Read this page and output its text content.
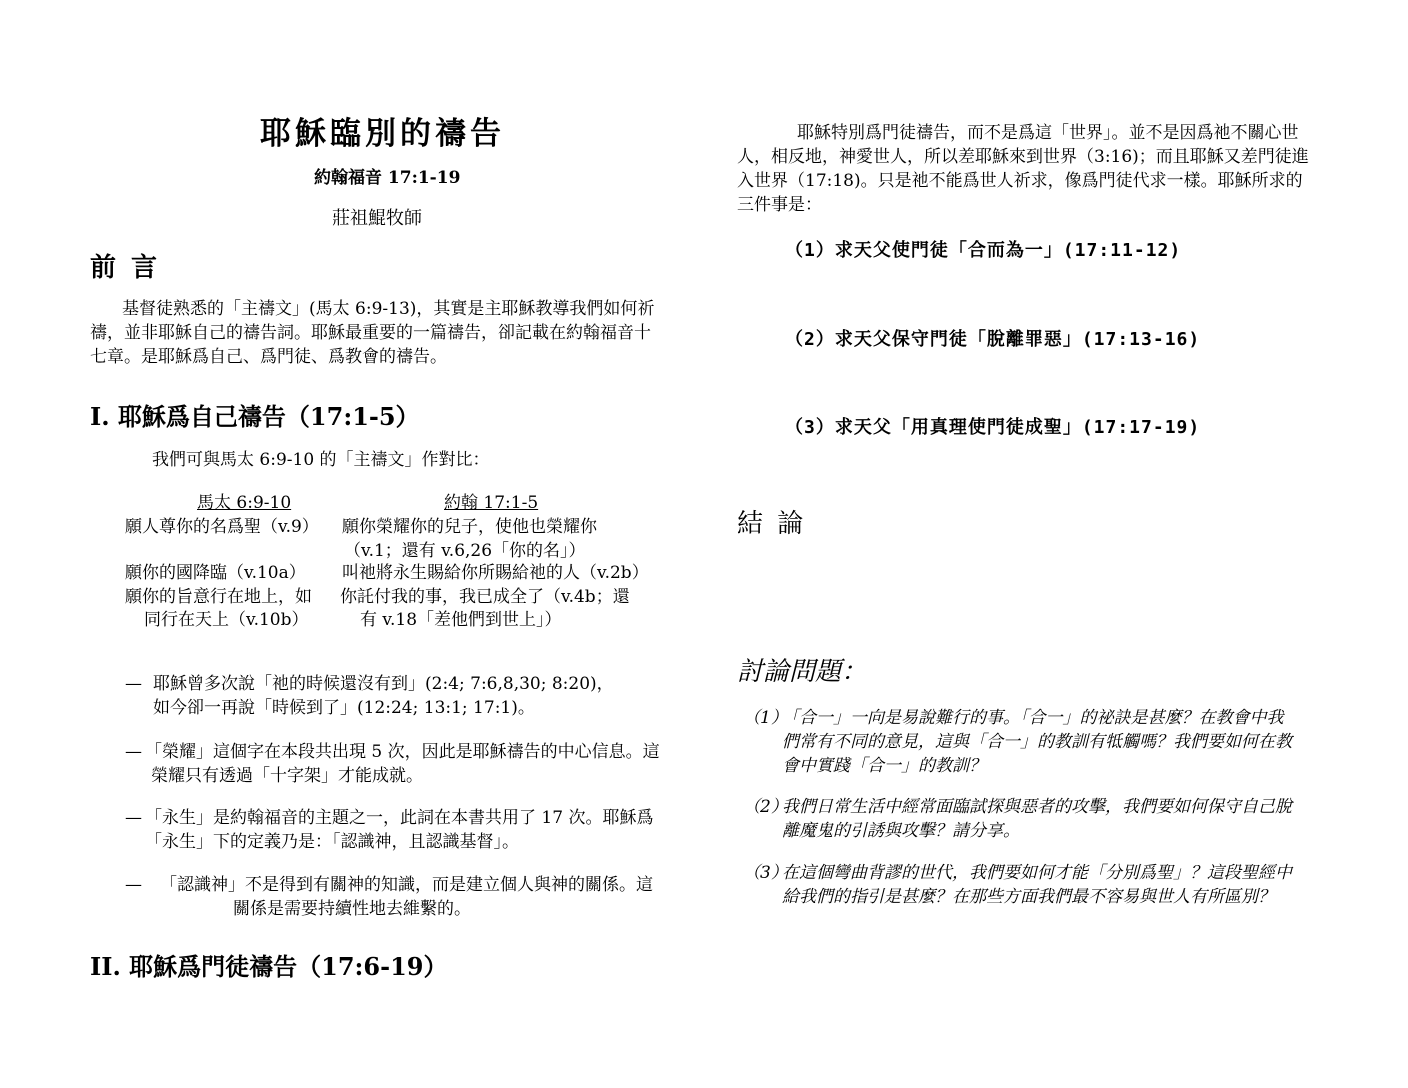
耶穌臨別的禱告
約翰福音 17:1-19
莊祖鯤牧師
前 言
基督徒熟悉的「主禱文」(馬太 6:9-13)，其實是主耶穌教導我們如何祈
禱，並非耶穌自己的禱告詞。耶穌最重要的一篇禱告，卻記載在約翰福音十
七章。是耶穌爲自己、爲門徒、爲教會的禱告。
I. 耶穌爲自己禱告（17:1-5）
我們可與馬太 6:9-10 的「主禱文」作對比：
馬太 6:9-10	約翰 17:1-5
願人尊你的名爲聖（v.9） 願你榮耀你的兒子，使他也榮耀你
（v.1；還有 v.6,26「你的名」）
願你的國降臨（v.10a） 叫祂將永生賜給你所賜給祂的人（v.2b）
願你的旨意行在地上，如 你託付我的事，我已成全了（v.4b；還
同行在天上（v.10b）	有 v.18「差他們到世上」）
— 耶穌曾多次說「祂的時候還沒有到」(2:4; 7:6,8,30; 8:20)，
如今卻一再說「時候到了」(12:24; 13:1; 17:1)。
— 「榮耀」這個字在本段共出現 5 次，因此是耶穌禱告的中心信息。這
榮耀只有透過「十字架」才能成就。
— 「永生」是約翰福音的主題之一，此詞在本書共用了 17 次。耶穌爲
「永生」下的定義乃是：「認識神，且認識基督」。
— 「認識神」不是得到有關神的知識，而是建立個人與神的關係。這
關係是需要持續性地去維繫的。
II. 耶穌爲門徒禱告（17:6-19）
耶穌特別爲門徒禱告，而不是爲這「世界」。並不是因爲祂不關心世
人，相反地，神愛世人，所以差耶穌來到世界（3:16)；而且耶穌又差門徒進
入世界（17:18)。只是祂不能爲世人祈求，像爲門徒代求一樣。耶穌所求的
三件事是：
（1）求天父使門徒「合而為一」(17:11-12)
（2）求天父保守門徒「脫離罪惡」(17:13-16)
（3）求天父「用真理使門徒成聖」(17:17-19)
結 論
討論問題：
（1）
「合一」一向是易說難行的事。「合一」的祕訣是甚麼？在教會中我
們常有不同的意見，這與「合一」的教訓有牴觸嗎？我們要如何在教
會中實踐「合一」的教訓？
（2）
我們日常生活中經常面臨試探與惡者的攻擊，我們要如何保守自己脫
離魔鬼的引誘與攻擊？請分享。
（3）
在這個彎曲背謬的世代，我們要如何才能「分別爲聖」？這段聖經中
給我們的指引是甚麼？在那些方面我們最不容易與世人有所區別？
